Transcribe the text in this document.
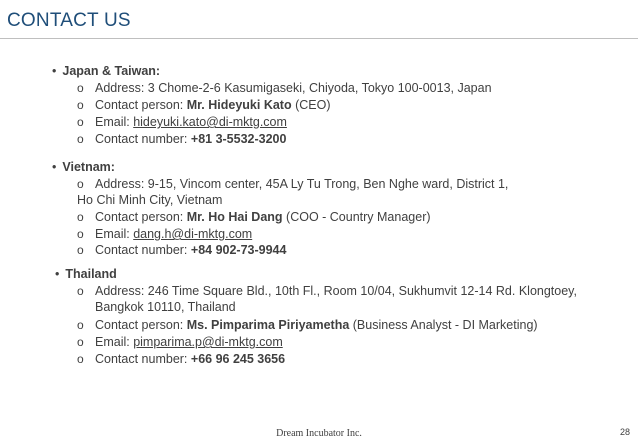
CONTACT US
• Japan & Taiwan:
o Address: 3 Chome-2-6 Kasumigaseki, Chiyoda, Tokyo 100-0013, Japan
o Contact person: Mr. Hideyuki Kato (CEO)
o Email: hideyuki.kato@di-mktg.com
o Contact number: +81 3-5532-3200
• Vietnam:
o Address: 9-15, Vincom center, 45A Ly Tu Trong, Ben Nghe ward, District 1,
Ho Chi Minh City, Vietnam
o Contact person: Mr. Ho Hai Dang (COO - Country Manager)
o Email: dang.h@di-mktg.com
o Contact number: +84 902-73-9944
• Thailand
o Address: 246 Time Square Bld., 10th Fl., Room 10/04, Sukhumvit 12-14 Rd. Klongtoey,
Bangkok 10110, Thailand
o Contact person: Ms. Pimparima Piriyametha (Business Analyst - DI Marketing)
o Email: pimparima.p@di-mktg.com
o Contact number: +66 96 245 3656
Dream Incubator Inc.	28
